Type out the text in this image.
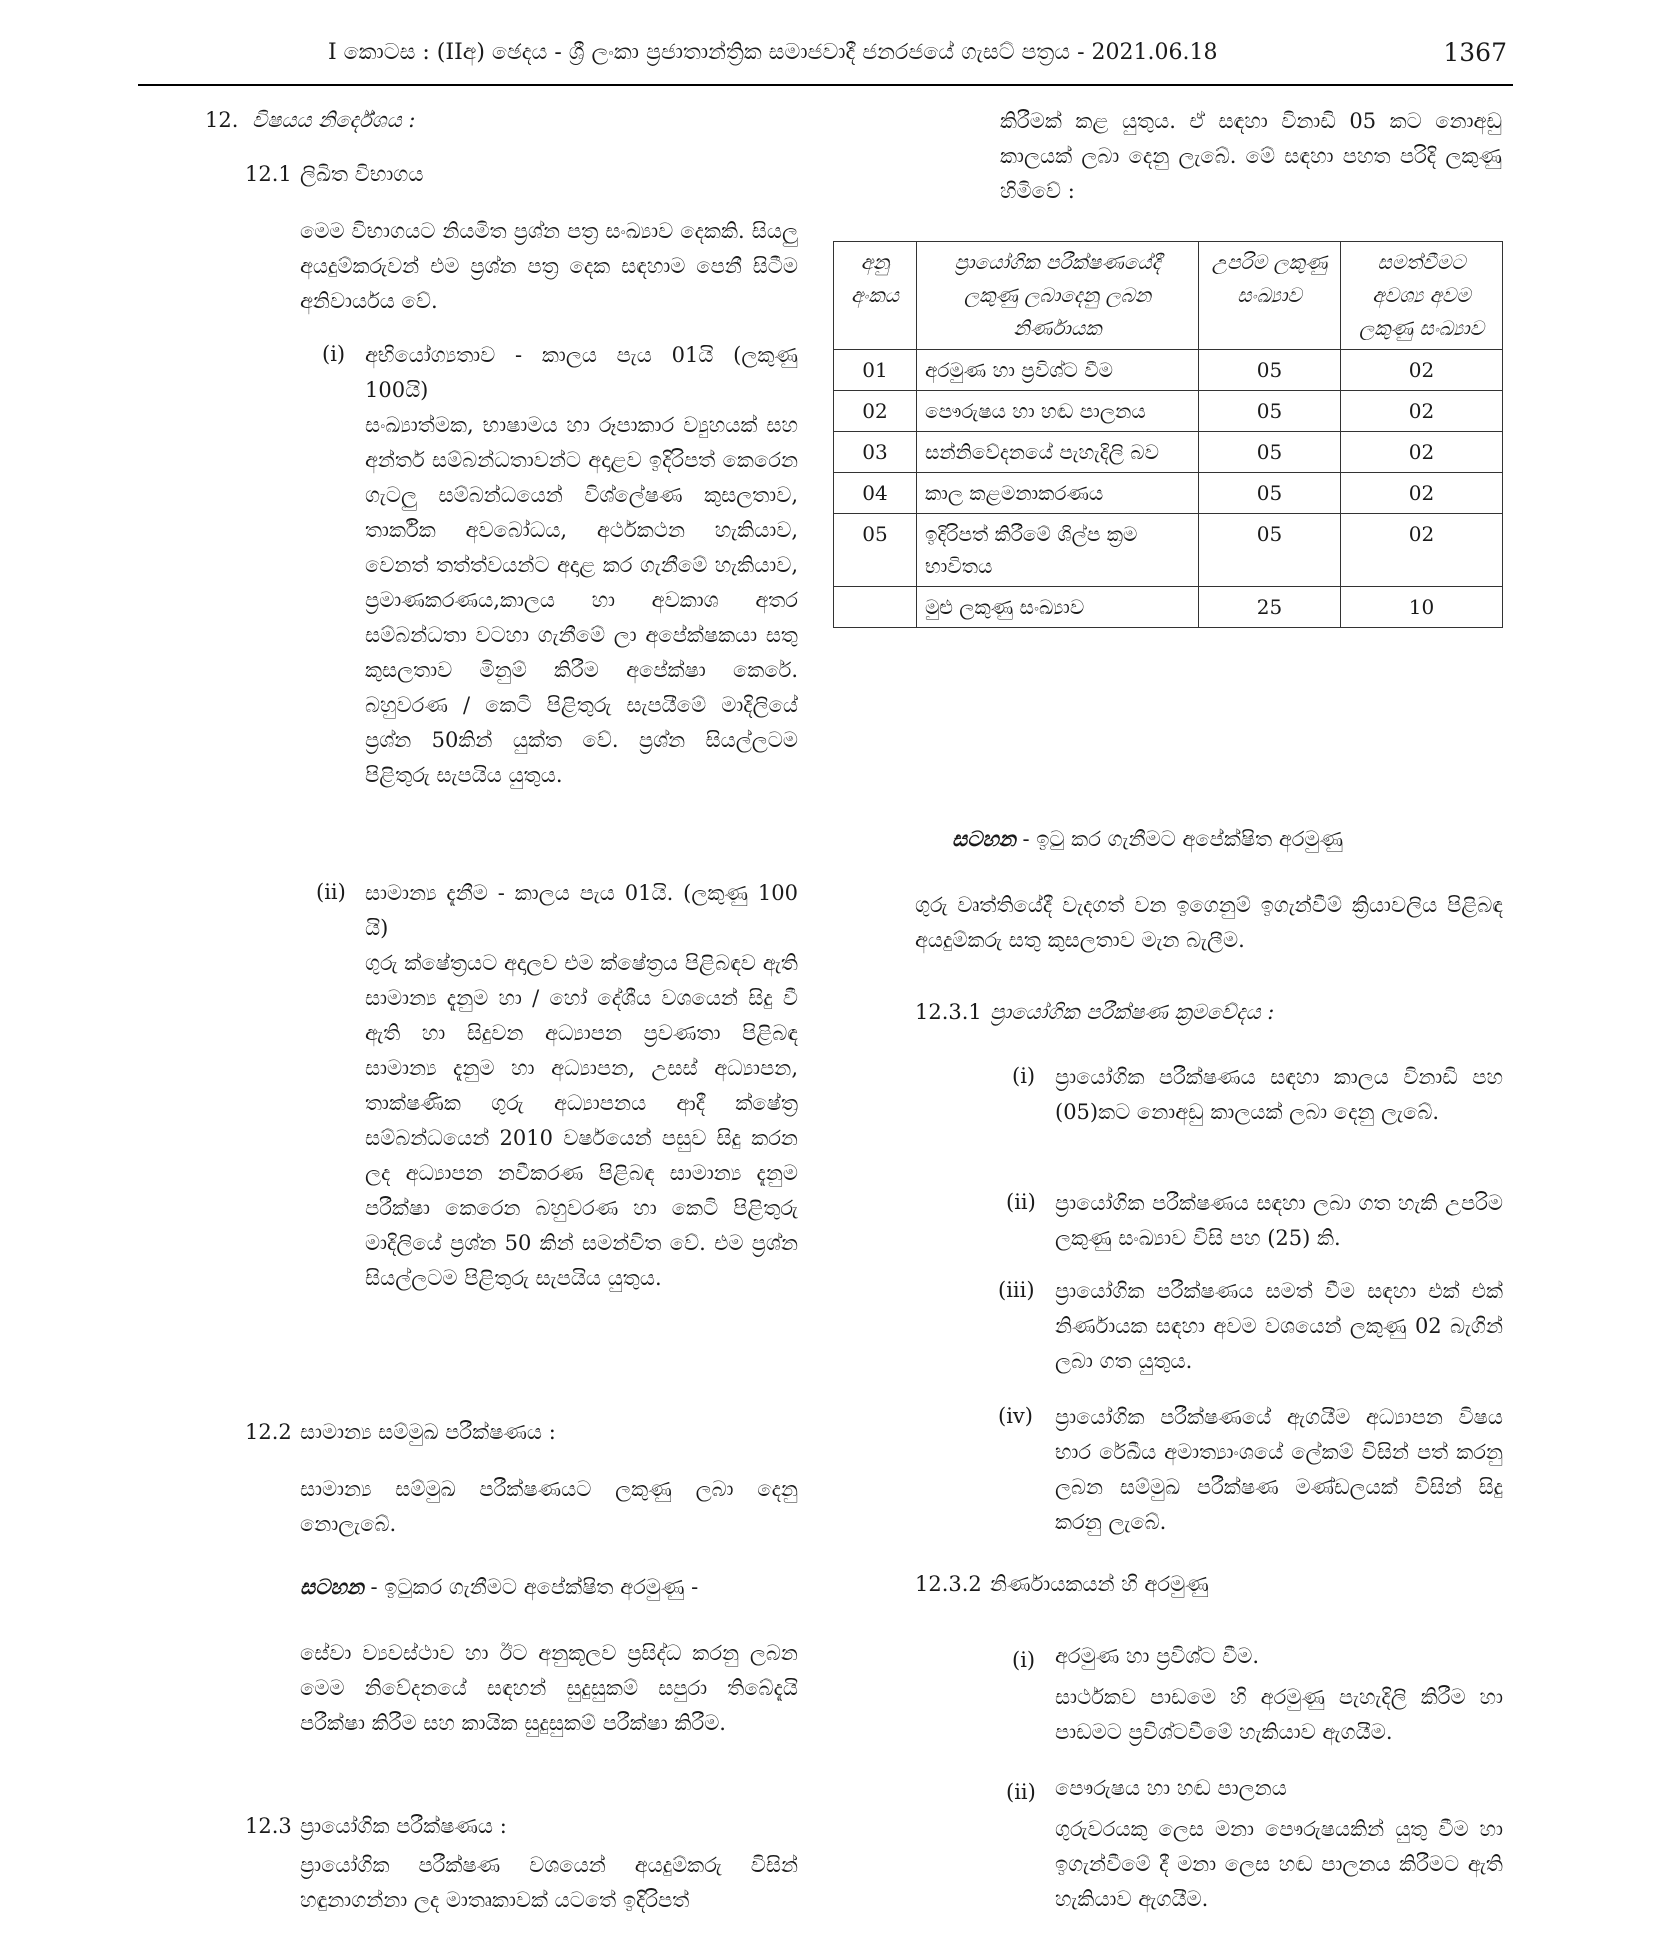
I කොටස : (IIඅ) ඡෙදය - ශ්‍රී ලංකා ප්‍රජාතාන්ත්‍රික සමාජවාදී ජනරජයේ ගැසට් පත්‍රය - 2021.06.18	1367
12. විෂයය නිර්දේශය :
12.1 ලිඛිත විභාගය
මෙම විභාගයට නියමිත ප්‍රශ්න පත්‍ර සංඛ්‍යාව දෙකකි. සියලු අයදුම්කරුවන් එම ප්‍රශ්න පත්‍ර දෙක සඳහාම පෙනී සිටීම අනිවාර්යය වේ.
(i) අභියෝග්‍යතාව - කාලය පැය 01යි (ලකුණු 100යි)
සංඛ්‍යාත්මක, භාෂාමය හා රූපාකාර ව්‍යුහයක් සහ අන්තර් සම්බන්ධතාවන්ට අදාළව ඉදිරිපත් කෙරෙන ගැටලු සම්බන්ධයෙන් විශ්ලේෂණ කුසලතාව, තාර්කික අවබෝධය, අර්ථකථන හැකියාව, වෙනත් තත්ත්වයන්ට අදාළ කර ගැනීමේ හැකියාව, ප්‍රමාණකරණය,කාලය හා අවකාශ අතර සම්බන්ධතා වටහා ගැනීමේ ලා අපේක්ෂකයා සතු කුසලතාව මිනුම් කිරීම අපේක්ෂා කෙරේ. බහුවරණ / කෙටි පිළිතුරු සැපයීමේ මාදිලියේ ප්‍රශ්න 50කින් යුක්ත වේ. ප්‍රශ්න සියල්ලටම පිළිතුරු සැපයිය යුතුය.
(ii) සාමාන්‍ය දැනීම - කාලය පැය 01යි. (ලකුණු 100 යි)
ගුරු ක්ෂේත්‍රයට අදාලව එම ක්ෂේත්‍රය පිළිබඳව ඇති සාමාන්‍ය දැනුම හා / හෝ දේශීය වශයෙන් සිදු වී ඇති හා සිදුවන අධ්‍යාපන ප්‍රවණතා පිළිබඳ සාමාන්‍ය දැනුම හා අධ්‍යාපන, උසස් අධ්‍යාපන, තාක්ෂණික ගුරු අධ්‍යාපනය ආදී ක්ෂේත්‍ර සම්බන්ධයෙන් 2010 වර්ෂයෙන් පසුව සිදු කරන ලද අධ්‍යාපන නවීකරණ පිළිබඳ සාමාන්‍ය දැනුම පරීක්ෂා කෙරෙන බහුවරණ හා කෙටි පිළිතුරු මාදිලියේ ප්‍රශ්න 50 කින් සමන්විත වේ. එම ප්‍රශ්න සියල්ලටම පිළිතුරු සැපයිය යුතුය.
12.2 සාමාන්‍ය සම්මුඛ පරීක්ෂණය :
සාමාන්‍ය සම්මුඛ පරීක්ෂණයට ලකුණු ලබා දෙනු නොලැබේ.
සටහන - ඉටුකර ගැනීමට අපේක්ෂිත අරමුණු -
සේවා ව්‍යවස්ථාව හා ඊට අනුකූලව ප්‍රසිද්ධ කරනු ලබන මෙම නිවේදනයේ සඳහන් සුදුසුකම් සපුරා තිබේදැයි පරීක්ෂා කිරීම සහ කායික සුදුසුකම් පරීක්ෂා කිරීම.
12.3 ප්‍රායෝගික පරීක්ෂණය :
ප්‍රායෝගික පරීක්ෂණ වශයෙන් අයදුම්කරු විසින් හඳුනාගන්නා ලද මාතෘකාවක් යටතේ ඉදිරිපත්
කිරීමක් කළ යුතුය. ඒ සඳහා විනාඩි 05 කට නොඅඩු කාලයක් ලබා දෙනු ලැබේ. මේ සඳහා පහත පරිදි ලකුණු හිමිවේ :
අනු අංකය	ප්‍රායෝගික පරීක්ෂණයේදී ලකුණු ලබාදෙනු ලබන නිර්ණායක	උපරිම ලකුණු සංඛ්‍යාව	සමත්වීමට අවශ්‍ය අවම ලකුණු සංඛ්‍යාව
01	අරමුණ හා ප්‍රවිශ්ට වීම	05	02
02	පෞරුෂය හා හඬ පාලනය	05	02
03	සන්නිවේදනයේ පැහැදිලි බව	05	02
04	කාල කළමනාකරණය	05	02
05	ඉදිරිපත් කිරීමේ ශිල්ප ක්‍රම භාවිතය	05	02
	මුළු ලකුණු සංඛ්‍යාව	25	10
සටහන - ඉටු කර ගැනීමට අපේක්ෂිත අරමුණු
ගුරු වෘත්තියේදී වැදගත් වන ඉගෙනුම් ඉගැන්වීම් ක්‍රියාවලිය පිළිබඳ අයදුම්කරු සතු කුසලතාව මැන බැලීම.
12.3.1 ප්‍රායෝගික පරීක්ෂණ ක්‍රමවේදය :
(i) ප්‍රායෝගික පරීක්ෂණය සඳහා කාලය විනාඩි පහ (05)කට නොඅඩු කාලයක් ලබා දෙනු ලැබේ.
(ii) ප්‍රායෝගික පරීක්ෂණය සඳහා ලබා ගත හැකි උපරිම ලකුණු සංඛ්‍යාව විසි පහ (25) කි.
(iii) ප්‍රායෝගික පරීක්ෂණය සමත් වීම සඳහා එක් එක් නිර්ණායක සඳහා අවම වශයෙන් ලකුණු 02 බැගින් ලබා ගත යුතුය.
(iv) ප්‍රායෝගික පරීක්ෂණයේ ඇගයීම අධ්‍යාපන විෂය භාර රේඛීය අමාත්‍යාංශයේ ලේකම් විසින් පත් කරනු ලබන සම්මුඛ පරීක්ෂණ මණ්ඩලයක් විසින් සිදු කරනු ලැබේ.
12.3.2 නිර්ණායකයන් හි අරමුණු
(i) අරමුණ හා ප්‍රවිශ්ට වීම.
සාර්ථකව පාඩමෙ හි අරමුණු පැහැදිලි කිරීම හා පාඩමට ප්‍රවිශ්ටවීමේ හැකියාව ඇගයීම.
(ii) පෞරුෂය හා හඬ පාලනය
ගුරුවරයකු ලෙස මනා පෞරුෂයකින් යුතු වීම හා ඉගැන්වීමේ දී මනා ලෙස හඬ පාලනය කිරීමට ඇති හැකියාව ඇගයීම.
